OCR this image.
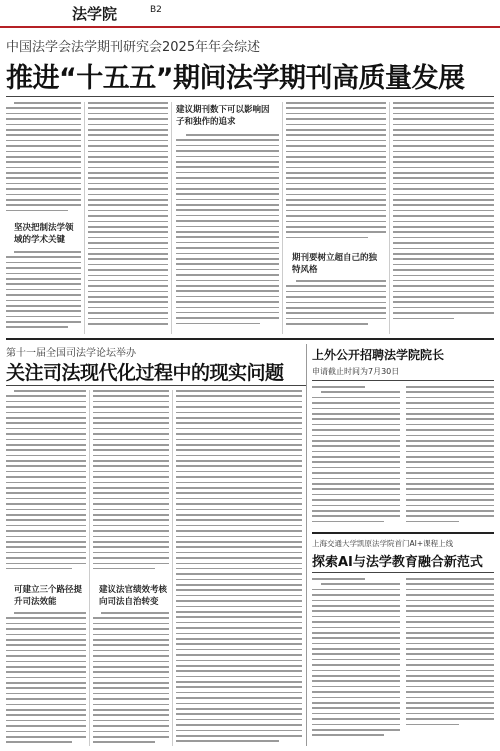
法学院	B2
中国法学会法学期刊研究会2025年年会综述
推进“十五五”期间法学期刊高质量发展
坚决把制法学领域的学术关键
建议期刊数下可以影响因子和独作的追求
期刊要树立超自己的独特风格
第十一届全国司法学论坛举办
关注司法现代化过程中的现实问题
可建立三个路径提升司法效能
建议法官绩效考核向司法自治转变
上外公开招聘法学院院长
申请截止时间为7月30日
上海交通大学凯原法学院首门AI+课程上线
探索AI与法学教育融合新范式
